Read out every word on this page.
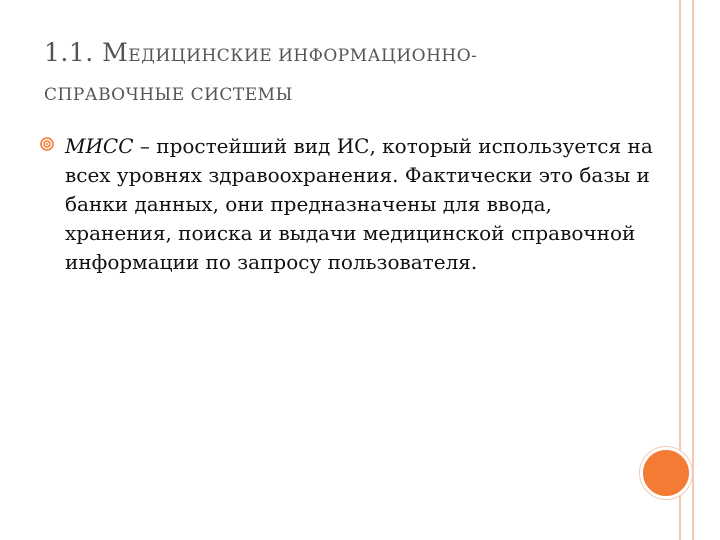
1.1. МЕДИЦИНСКИЕ ИНФОРМАЦИОННО-
СПРАВОЧНЫЕ СИСТЕМЫ
МИСС – простейший вид ИС, который используется на всех уровнях здравоохранения. Фактически это базы и банки данных, они предназначены для ввода, хранения, поиска и выдачи медицинской справочной информации по запросу пользователя.
